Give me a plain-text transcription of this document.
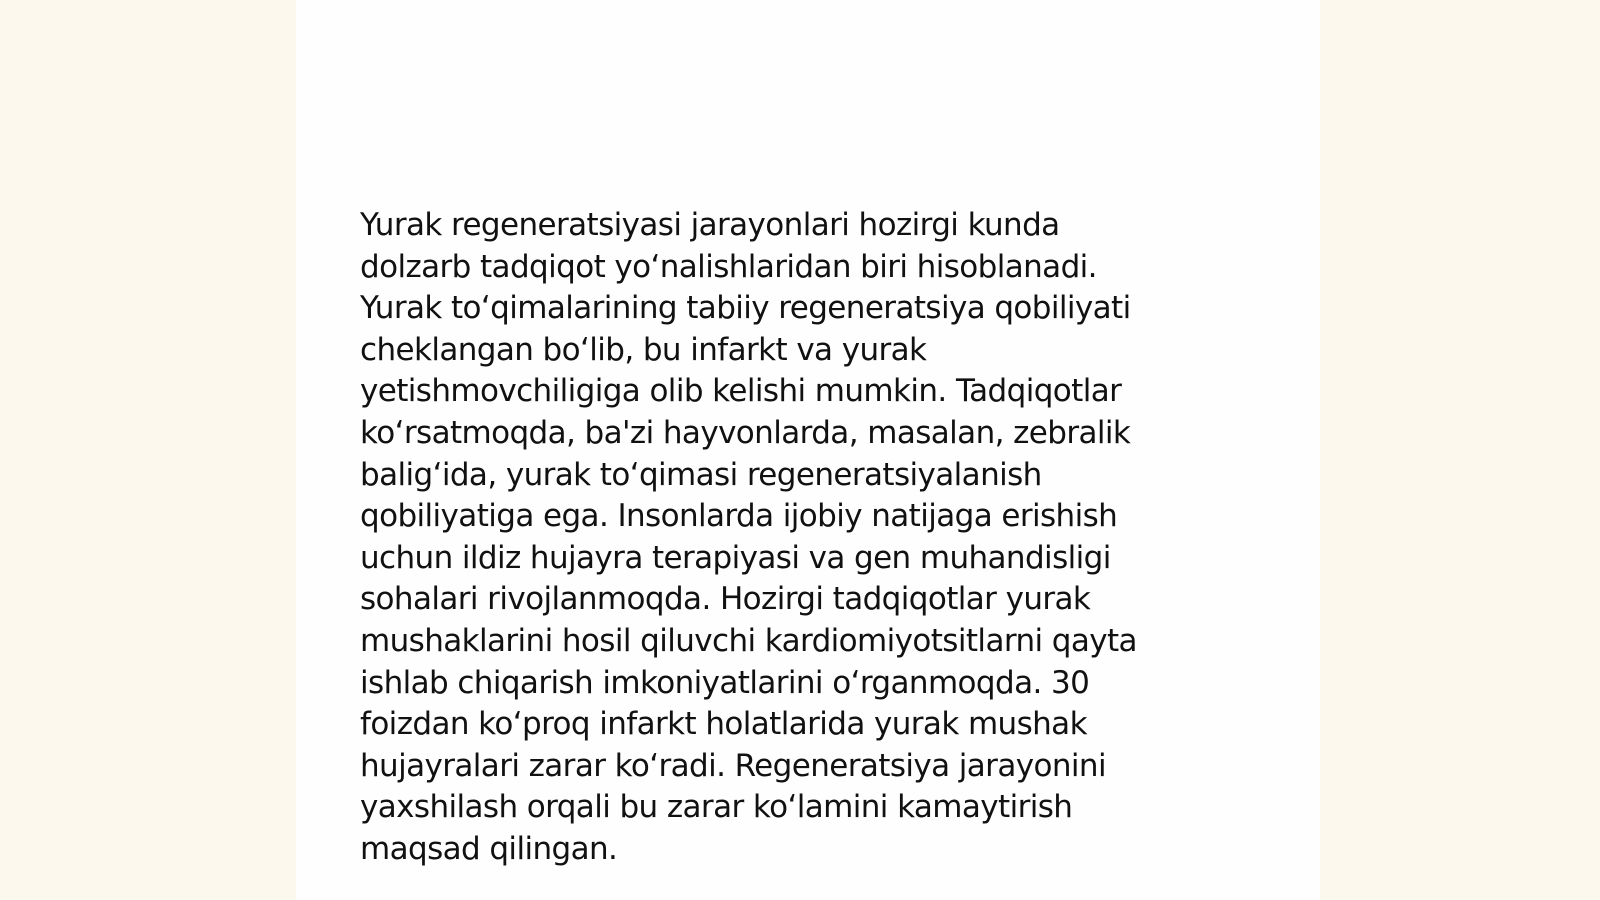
Yurak regeneratsiyasi jarayonlari hozirgi kunda
dolzarb tadqiqot yo‘nalishlaridan biri hisoblanadi.
Yurak to‘qimalarining tabiiy regeneratsiya qobiliyati
cheklangan bo‘lib, bu infarkt va yurak
yetishmovchiligiga olib kelishi mumkin. Tadqiqotlar
ko‘rsatmoqda, ba'zi hayvonlarda, masalan, zebralik
balig‘ida, yurak to‘qimasi regeneratsiyalanish
qobiliyatiga ega. Insonlarda ijobiy natijaga erishish
uchun ildiz hujayra terapiyasi va gen muhandisligi
sohalari rivojlanmoqda. Hozirgi tadqiqotlar yurak
mushaklarini hosil qiluvchi kardiomiyotsitlarni qayta
ishlab chiqarish imkoniyatlarini o‘rganmoqda. 30
foizdan ko‘proq infarkt holatlarida yurak mushak
hujayralari zarar ko‘radi. Regeneratsiya jarayonini
yaxshilash orqali bu zarar ko‘lamini kamaytirish
maqsad qilingan.
